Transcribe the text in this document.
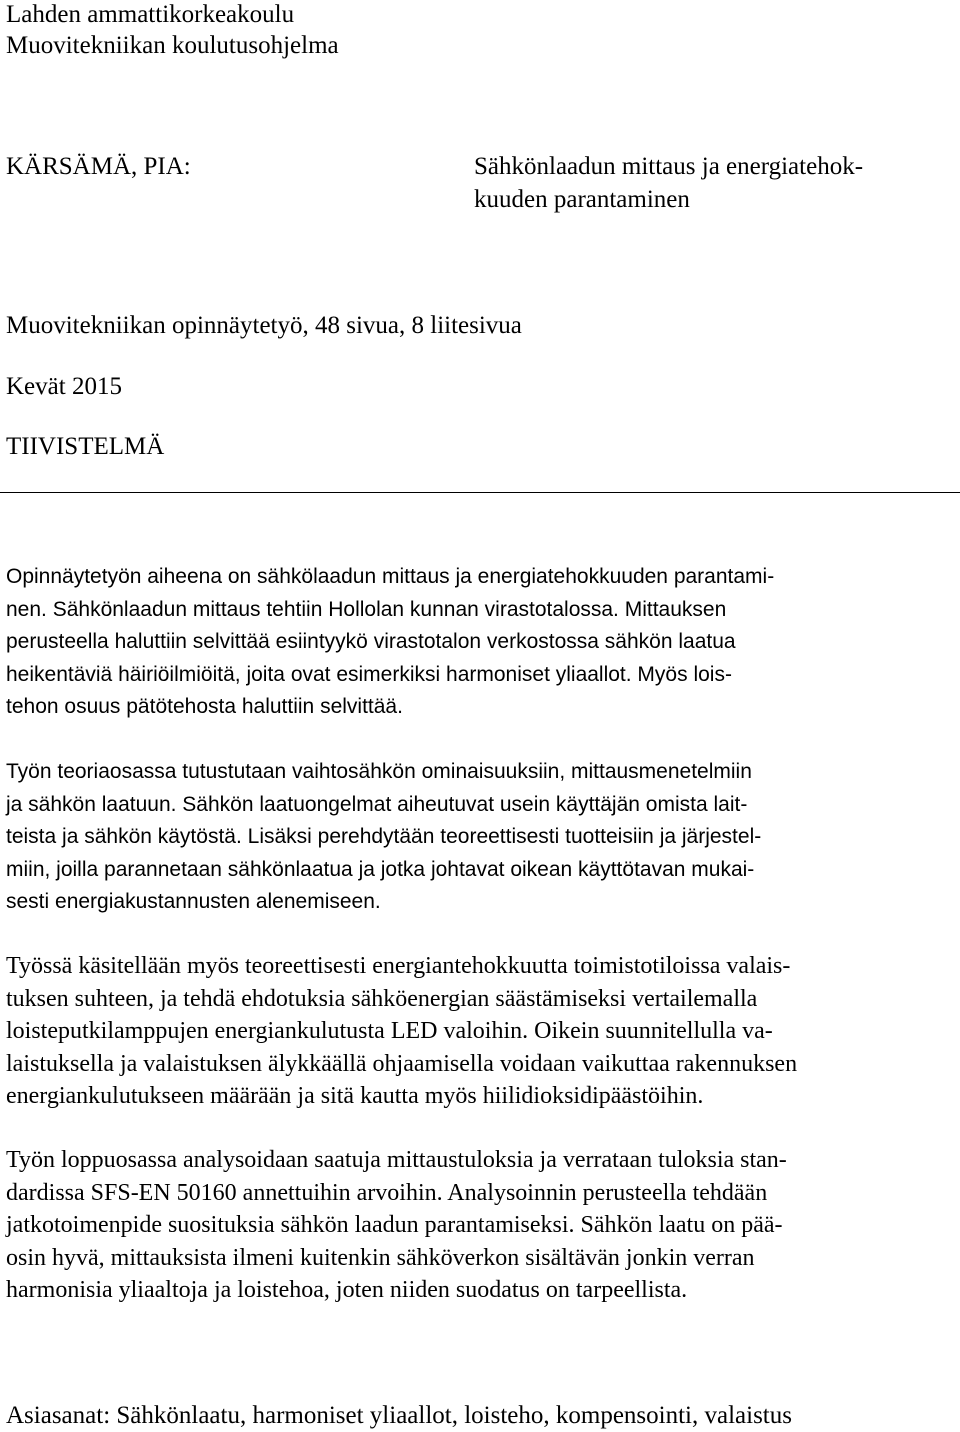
Lahden ammattikorkeakoulu

Muovitekniikan koulutusohjelma

KÄRSÄMÄ, PIA:	Sähkönlaadun mittaus ja energiatehok-

kuuden parantaminen

Muovitekniikan opinnäytetyö, 48 sivua, 8 liitesivua

Kevät 2015

TIIVISTELMÄ

Opinnäytetyön aiheena on sähkölaadun mittaus ja energiatehokkuuden parantami-
nen. Sähkönlaadun mittaus tehtiin Hollolan kunnan virastotalossa. Mittauksen
perusteella haluttiin selvittää esiintyykö virastotalon verkostossa sähkön laatua
heikentäviä häiriöilmiöitä, joita ovat esimerkiksi harmoniset yliaallot. Myös lois-
tehon osuus pätötehosta haluttiin selvittää.
Työn teoriaosassa tutustutaan vaihtosähkön ominaisuuksiin, mittausmenetelmiin
ja sähkön laatuun. Sähkön laatuongelmat aiheutuvat usein käyttäjän omista lait-
teista ja sähkön käytöstä. Lisäksi perehdytään teoreettisesti tuotteisiin ja järjestel-
miin, joilla parannetaan sähkönlaatua ja jotka johtavat oikean käyttötavan mukai-
sesti energiakustannusten alenemiseen.
Työssä käsitellään myös teoreettisesti energiantehokkuutta toimistotiloissa valais-
tuksen suhteen, ja tehdä ehdotuksia sähköenergian säästämiseksi vertailemalla
loisteputkilamppujen energiankulutusta LED valoihin. Oikein suunnitellulla va-
laistuksella ja valaistuksen älykkäällä ohjaamisella voidaan vaikuttaa rakennuksen
energiankulutukseen määrään ja sitä kautta myös hiilidioksidipäästöihin.
Työn loppuosassa analysoidaan saatuja mittaustuloksia ja verrataan tuloksia stan-
dardissa SFS-EN 50160 annettuihin arvoihin. Analysoinnin perusteella tehdään
jatkotoimenpide suosituksia sähkön laadun parantamiseksi. Sähkön laatu on pää-
osin hyvä, mittauksista ilmeni kuitenkin sähköverkon sisältävän jonkin verran
harmonisia yliaaltoja ja loistehoa, joten niiden suodatus on tarpeellista.

Asiasanat: Sähkönlaatu, harmoniset yliaallot, loisteho, kompensointi, valaistus
